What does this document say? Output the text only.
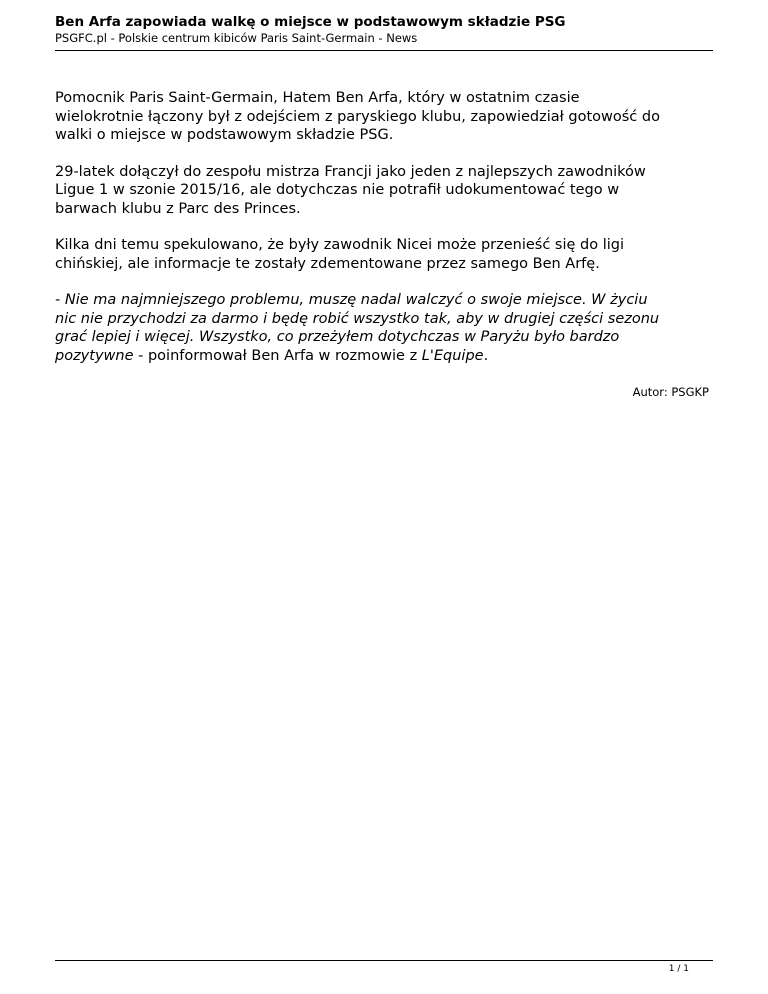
Ben Arfa zapowiada walkę o miejsce w podstawowym składzie PSG

PSGFC.pl - Polskie centrum kibiców Paris Saint-Germain - News

Pomocnik Paris Saint-Germain, Hatem Ben Arfa, który w ostatnim czasie
wielokrotnie łączony był z odejściem z paryskiego klubu, zapowiedział gotowość do
walki o miejsce w podstawowym składzie PSG.

29-latek dołączył do zespołu mistrza Francji jako jeden z najlepszych zawodników
Ligue 1 w szonie 2015/16, ale dotychczas nie potrafił udokumentować tego w
barwach klubu z Parc des Princes.

Kilka dni temu spekulowano, że były zawodnik Nicei może przenieść się do ligi
chińskiej, ale informacje te zostały zdementowane przez samego Ben Arfę.

- Nie ma najmniejszego problemu, muszę nadal walczyć o swoje miejsce. W życiu
nic nie przychodzi za darmo i będę robić wszystko tak, aby w drugiej części sezonu
grać lepiej i więcej. Wszystko, co przeżyłem dotychczas w Paryżu było bardzo
pozytywne - poinformował Ben Arfa w rozmowie z L'Equipe.

Autor: PSGKP
1 / 1
